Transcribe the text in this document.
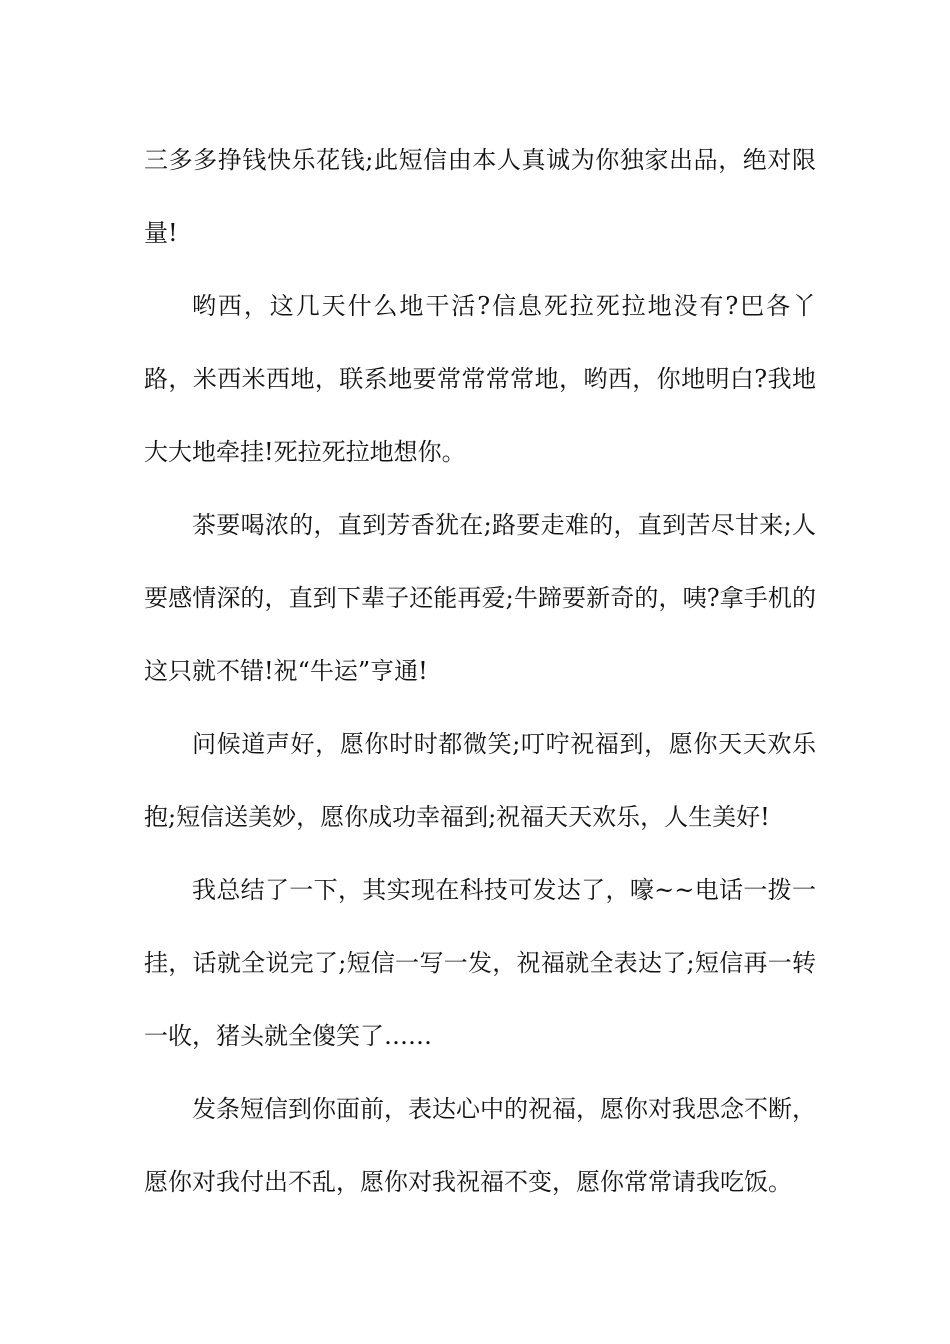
三多多挣钱快乐花钱;此短信由本人真诚为你独家出品，绝对限量!

哟西，这几天什么地干活?信息死拉死拉地没有?巴各丫路，米西米西地，联系地要常常常常地，哟西，你地明白?我地大大地牵挂!死拉死拉地想你。

茶要喝浓的，直到芳香犹在;路要走难的，直到苦尽甘来;人要感情深的，直到下辈子还能再爱;牛蹄要新奇的，咦?拿手机的这只就不错!祝“牛运”亨通!

问候道声好，愿你时时都微笑;叮咛祝福到，愿你天天欢乐抱;短信送美妙，愿你成功幸福到;祝福天天欢乐，人生美好!

我总结了一下，其实现在科技可发达了，嚎~~电话一拨一挂，话就全说完了;短信一写一发，祝福就全表达了;短信再一转一收，猪头就全傻笑了……

发条短信到你面前，表达心中的祝福，愿你对我思念不断，愿你对我付出不乱，愿你对我祝福不变，愿你常常请我吃饭。
